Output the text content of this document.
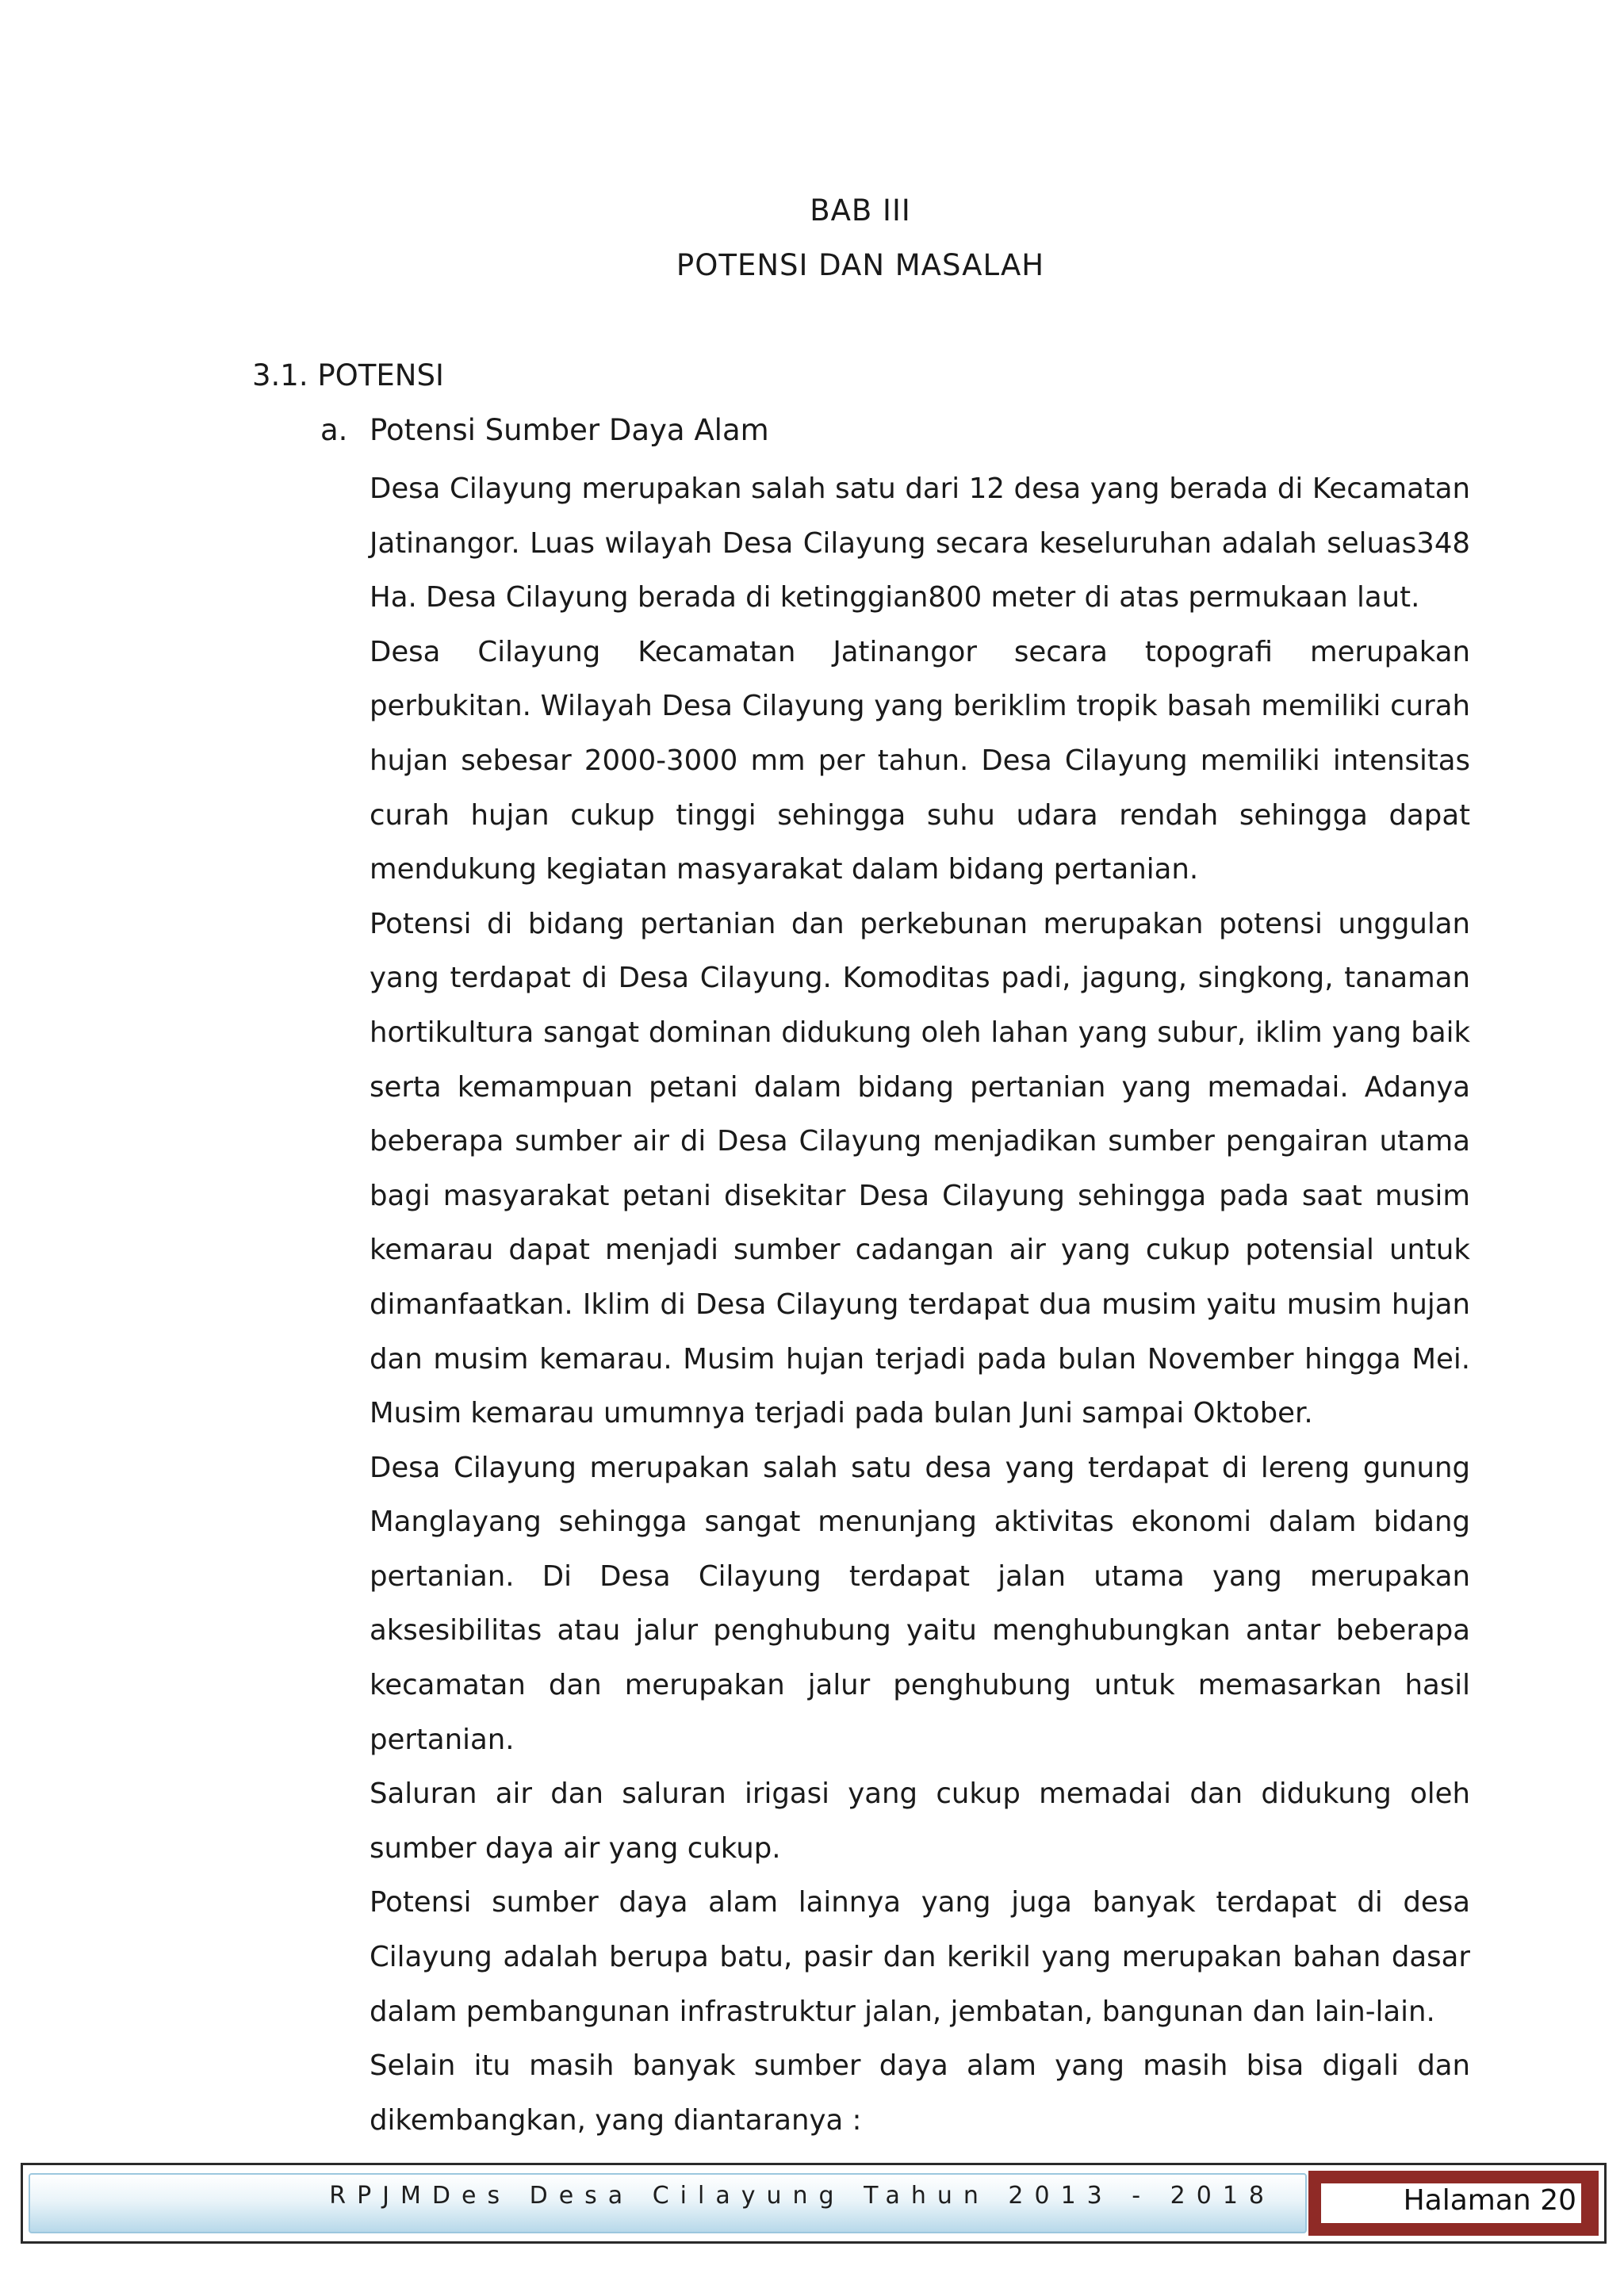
BAB III
POTENSI DAN MASALAH
3.1. POTENSI
a. Potensi Sumber Daya Alam

Desa Cilayung merupakan salah satu dari 12 desa yang berada di Kecamatan Jatinangor. Luas wilayah Desa Cilayung secara keseluruhan adalah seluas348 Ha. Desa Cilayung berada di ketinggian800 meter di atas permukaan laut.

Desa Cilayung Kecamatan Jatinangor secara topografi merupakan perbukitan. Wilayah Desa Cilayung yang beriklim tropik basah memiliki curah hujan sebesar 2000-3000 mm per tahun. Desa Cilayung memiliki intensitas curah hujan cukup tinggi sehingga suhu udara rendah sehingga dapat mendukung kegiatan masyarakat dalam bidang pertanian.

Potensi di bidang pertanian dan perkebunan merupakan potensi unggulan yang terdapat di Desa Cilayung. Komoditas padi, jagung, singkong, tanaman hortikultura sangat dominan didukung oleh lahan yang subur, iklim yang baik serta kemampuan petani dalam bidang pertanian yang memadai. Adanya beberapa sumber air di Desa Cilayung menjadikan sumber pengairan utama bagi masyarakat petani disekitar Desa Cilayung sehingga pada saat musim kemarau dapat menjadi sumber cadangan air yang cukup potensial untuk dimanfaatkan. Iklim di Desa Cilayung terdapat dua musim yaitu musim hujan dan musim kemarau. Musim hujan terjadi pada bulan November hingga Mei. Musim kemarau umumnya terjadi pada bulan Juni sampai Oktober.

Desa Cilayung merupakan salah satu desa yang terdapat di lereng gunung Manglayang sehingga sangat menunjang aktivitas ekonomi dalam bidang pertanian. Di Desa Cilayung terdapat jalan utama yang merupakan aksesibilitas atau jalur penghubung yaitu menghubungkan antar beberapa kecamatan dan merupakan jalur penghubung untuk memasarkan hasil pertanian.

Saluran air dan saluran irigasi yang cukup memadai dan didukung oleh sumber daya air yang cukup.

Potensi sumber daya alam lainnya yang juga banyak terdapat di desa Cilayung adalah berupa batu, pasir dan kerikil yang merupakan bahan dasar dalam pembangunan infrastruktur jalan, jembatan, bangunan dan lain-lain.

Selain itu masih banyak sumber daya alam yang masih bisa digali dan dikembangkan, yang diantaranya :

RPJMDes Desa Cilayung Tahun 2013 - 2018	Halaman 20
